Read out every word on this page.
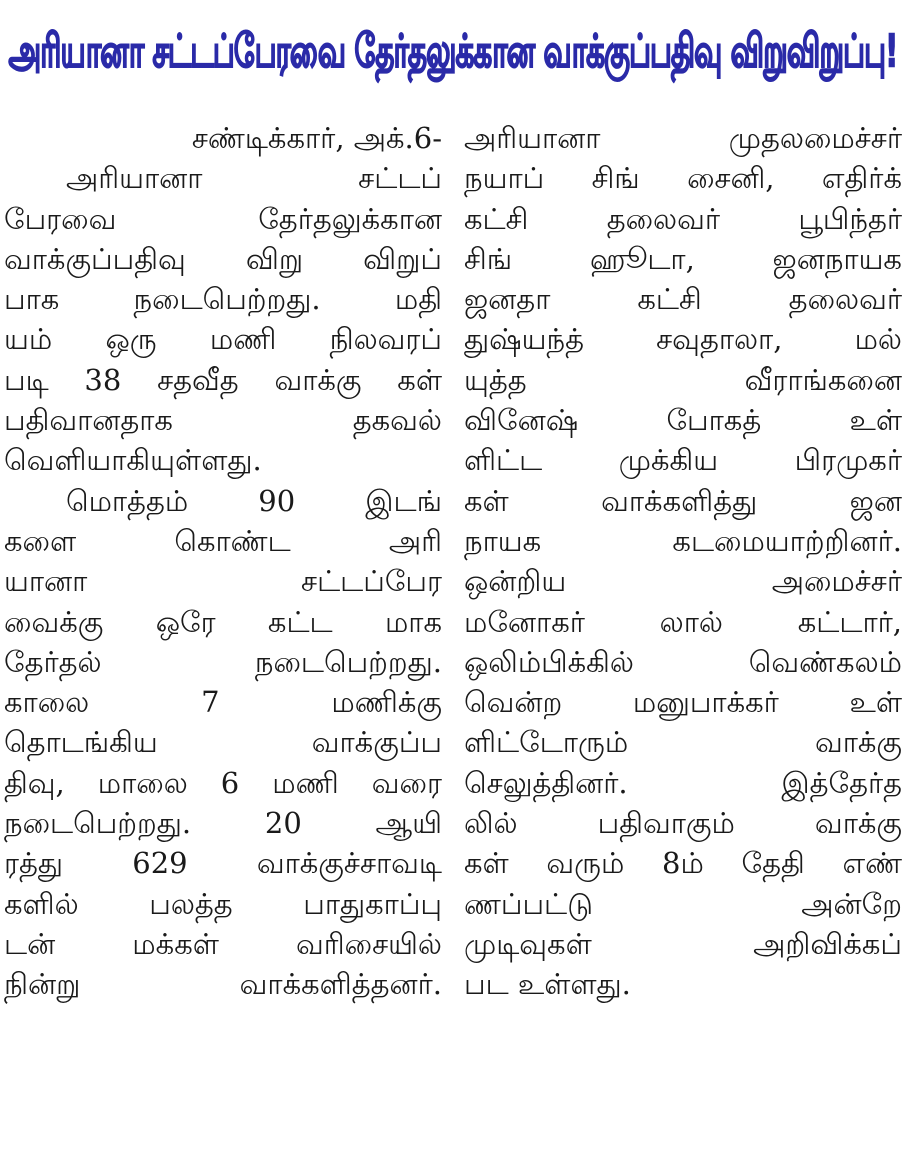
அரியானா சட்டப்பேரவை தேர்தலுக்கான வாக்குப்பதிவு விறுவிறுப்பு!
சண்டிக்கார், அக்.6-
அரியானா சட்டப்
பேரவை தேர்தலுக்கான
வாக்குப்பதிவு விறு விறுப்
பாக நடைபெற்றது. மதி
யம் ஒரு மணி நிலவரப்
படி 38 சதவீத வாக்கு கள்
பதிவானதாக தகவல்
வெளியாகியுள்ளது.
மொத்தம் 90 இடங்
களை கொண்ட அரி
யானா சட்டப்பேர
வைக்கு ஒரே கட்ட மாக
தேர்தல் நடைபெற்றது.
காலை 7 மணிக்கு
தொடங்கிய வாக்குப்ப
திவு, மாலை 6 மணி வரை
நடைபெற்றது. 20 ஆயி
ரத்து 629 வாக்குச்சாவடி
களில் பலத்த பாதுகாப்பு
டன் மக்கள் வரிசையில்
நின்று வாக்களித்தனர்.
அரியானா முதலமைச்சர்
நயாப் சிங் சைனி, எதிர்க்
கட்சி தலைவர் பூபிந்தர்
சிங் ஹூடா, ஜனநாயக
ஜனதா கட்சி தலைவர்
துஷ்யந்த் சவுதாலா, மல்
யுத்த வீராங்கனை
வினேஷ் போகத் உள்
ளிட்ட முக்கிய பிரமுகர்
கள் வாக்களித்து ஜன
நாயக கடமையாற்றினர்.
ஒன்றிய அமைச்சர்
மனோகர் லால் கட்டார்,
ஒலிம்பிக்கில் வெண்கலம்
வென்ற மனுபாக்கர் உள்
ளிட்டோரும் வாக்கு
செலுத்தினர். இத்தேர்த
லில் பதிவாகும் வாக்கு
கள் வரும் 8ம் தேதி எண்
ணப்பட்டு அன்றே
முடிவுகள் அறிவிக்கப்
பட உள்ளது.
